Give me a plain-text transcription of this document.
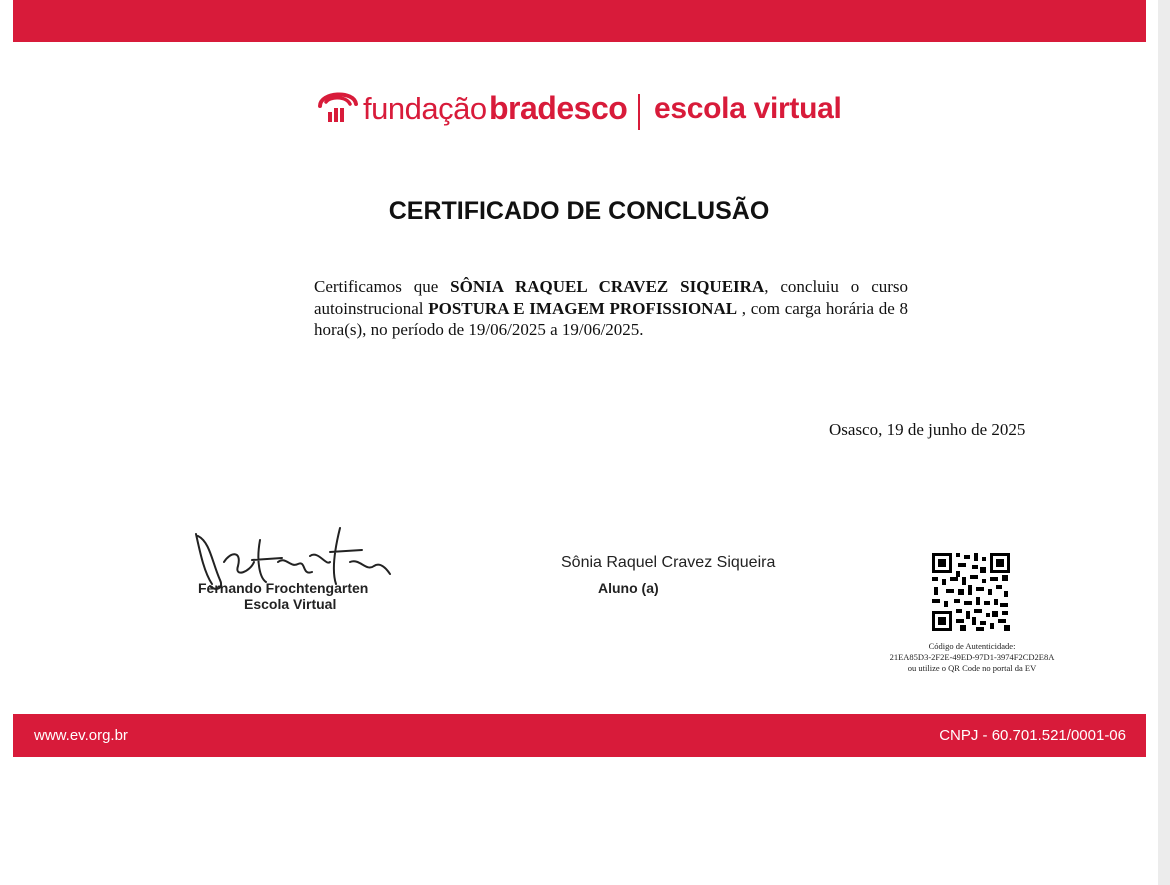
fundação bradesco escola virtual
CERTIFICADO DE CONCLUSÃO
Certificamos que SÔNIA RAQUEL CRAVEZ SIQUEIRA, concluiu o curso autoinstrucional POSTURA E IMAGEM PROFISSIONAL , com carga horária de 8 hora(s), no período de 19/06/2025 a 19/06/2025.
Osasco, 19 de junho de 2025
Fernando Frochtengarten
Escola Virtual
Sônia Raquel Cravez Siqueira
Aluno (a)
Código de Autenticidade:
21EA85D3-2F2E-49ED-97D1-3974F2CD2E8A
ou utilize o QR Code no portal da EV
www.ev.org.br	CNPJ - 60.701.521/0001-06
